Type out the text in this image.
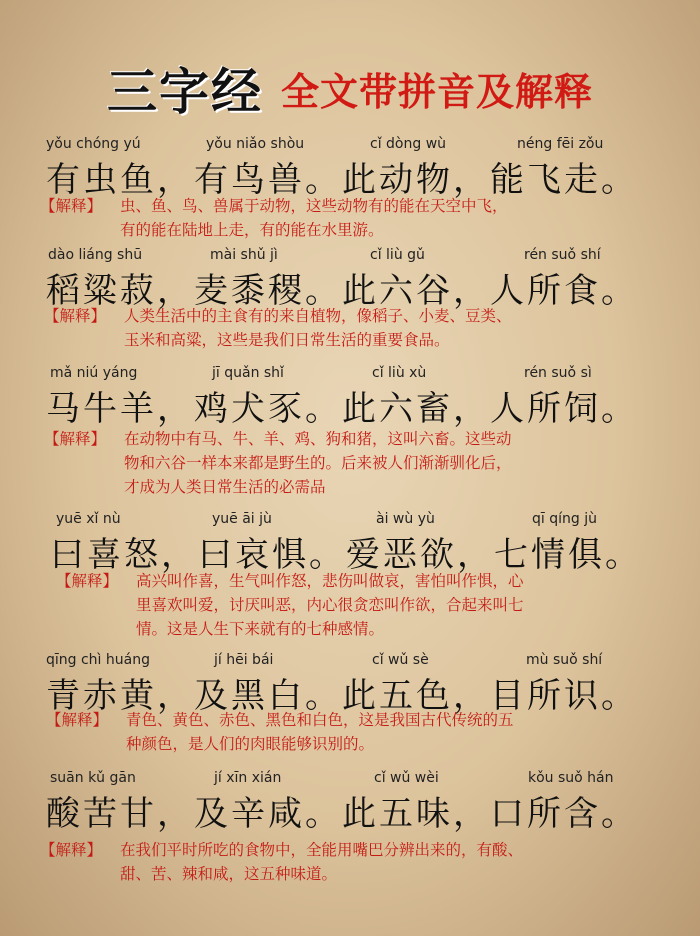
三字经 全文带拼音及解释
yǒu chóng yú	yǒu niǎo shòu	cǐ dòng wù	néng fēi zǒu
有虫鱼，有鸟兽。此动物，能飞走。
【解释】 虫、鱼、鸟、兽属于动物，这些动物有的能在天空中飞，
有的能在陆地上走，有的能在水里游。
dào liáng shū	mài shǔ jì	cǐ liù gǔ	rén suǒ shí
稻粱菽，麦黍稷。此六谷，人所食。
【解释】 人类生活中的主食有的来自植物，像稻子、小麦、豆类、
玉米和高粱，这些是我们日常生活的重要食品。
mǎ niú yáng	jī quǎn shǐ	cǐ liù xù	rén suǒ sì
马牛羊，鸡犬豕。此六畜，人所饲。
【解释】 在动物中有马、牛、羊、鸡、狗和猪，这叫六畜。这些动
物和六谷一样本来都是野生的。后来被人们渐渐驯化后，
才成为人类日常生活的必需品
yuē xǐ nù	yuē āi jù	ài wù yù	qī qíng jù
曰喜怒，曰哀惧。爱恶欲，七情俱。
【解释】 高兴叫作喜，生气叫作怒，悲伤叫做哀，害怕叫作惧，心
里喜欢叫爱，讨厌叫恶，内心很贪恋叫作欲，合起来叫七
情。这是人生下来就有的七种感情。
qīng chì huáng	jí hēi bái	cǐ wǔ sè	mù suǒ shí
青赤黄，及黑白。此五色，目所识。
【解释】 青色、黄色、赤色、黑色和白色，这是我国古代传统的五
种颜色，是人们的肉眼能够识别的。
suān kǔ gān	jí xīn xián	cǐ wǔ wèi	kǒu suǒ hán
酸苦甘，及辛咸。此五味，口所含。
【解释】 在我们平时所吃的食物中，全能用嘴巴分辨出来的，有酸、
甜、苦、辣和咸，这五种味道。
